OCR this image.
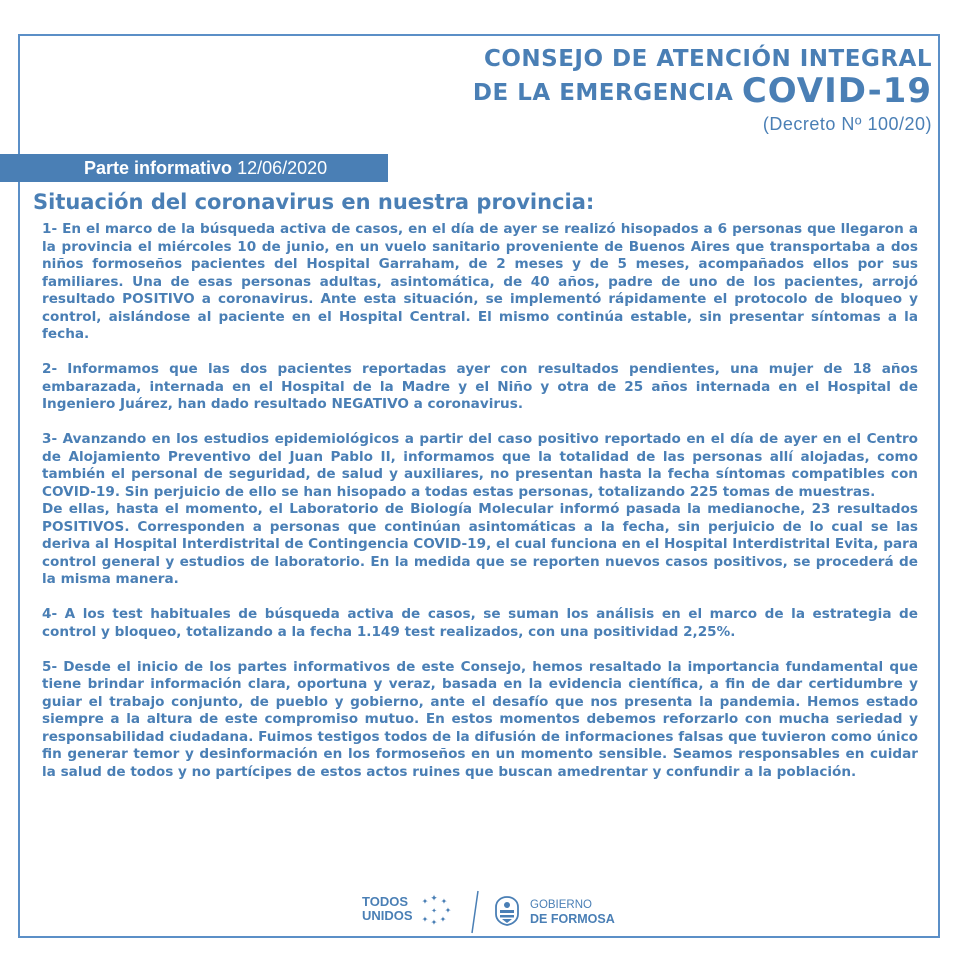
CONSEJO DE ATENCIÓN INTEGRAL
DE LA EMERGENCIA COVID-19
(Decreto Nº 100/20)
Parte informativo 12/06/2020
Situación del coronavirus en nuestra provincia:

1- En el marco de la búsqueda activa de casos, en el día de ayer se realizó hisopados a 6 personas que llegaron a la provincia el miércoles 10 de junio, en un vuelo sanitario proveniente de Buenos Aires que transportaba a dos niños formoseños pacientes del Hospital Garraham, de 2 meses y de 5 meses, acompañados ellos por sus familiares. Una de esas personas adultas, asintomática, de 40 años, padre de uno de los pacientes, arrojó resultado POSITIVO a coronavirus. Ante esta situación, se implementó rápidamente el protocolo de bloqueo y control, aislándose al paciente en el Hospital Central. El mismo continúa estable, sin presentar síntomas a la fecha.

2- Informamos que las dos pacientes reportadas ayer con resultados pendientes, una mujer de 18 años embarazada, internada en el Hospital de la Madre y el Niño y otra de 25 años internada en el Hospital de Ingeniero Juárez, han dado resultado NEGATIVO a coronavirus.

3- Avanzando en los estudios epidemiológicos a partir del caso positivo reportado en el día de ayer en el Centro de Alojamiento Preventivo del Juan Pablo II, informamos que la totalidad de las personas allí alojadas, como también el personal de seguridad, de salud y auxiliares, no presentan hasta la fecha síntomas compatibles con COVID-19. Sin perjuicio de ello se han hisopado a todas estas personas, totalizando 225 tomas de muestras.

De ellas, hasta el momento, el Laboratorio de Biología Molecular informó pasada la medianoche, 23 resultados POSITIVOS. Corresponden a personas que continúan asintomáticas a la fecha, sin perjuicio de lo cual se las deriva al Hospital Interdistrital de Contingencia COVID-19, el cual funciona en el Hospital Interdistrital Evita, para control general y estudios de laboratorio. En la medida que se reporten nuevos casos positivos, se procederá de la misma manera.

4- A los test habituales de búsqueda activa de casos, se suman los análisis en el marco de la estrategia de control y bloqueo, totalizando a la fecha 1.149 test realizados, con una positividad 2,25%.

5- Desde el inicio de los partes informativos de este Consejo, hemos resaltado la importancia fundamental que tiene brindar información clara, oportuna y veraz, basada en la evidencia científica, a fin de dar certidumbre y guiar el trabajo conjunto, de pueblo y gobierno, ante el desafío que nos presenta la pandemia. Hemos estado siempre a la altura de este compromiso mutuo. En estos momentos debemos reforzarlo con mucha seriedad y responsabilidad ciudadana. Fuimos testigos todos de la difusión de informaciones falsas que tuvieron como único fin generar temor y desinformación en los formoseños en un momento sensible. Seamos responsables en cuidar la salud de todos y no partícipes de estos actos ruines que buscan amedrentar y confundir a la población.

TODOS
UNIDOS
✦ ✦
✦
✦
✦
✦
✦
✦
GOBIERNO
DE FORMOSA
